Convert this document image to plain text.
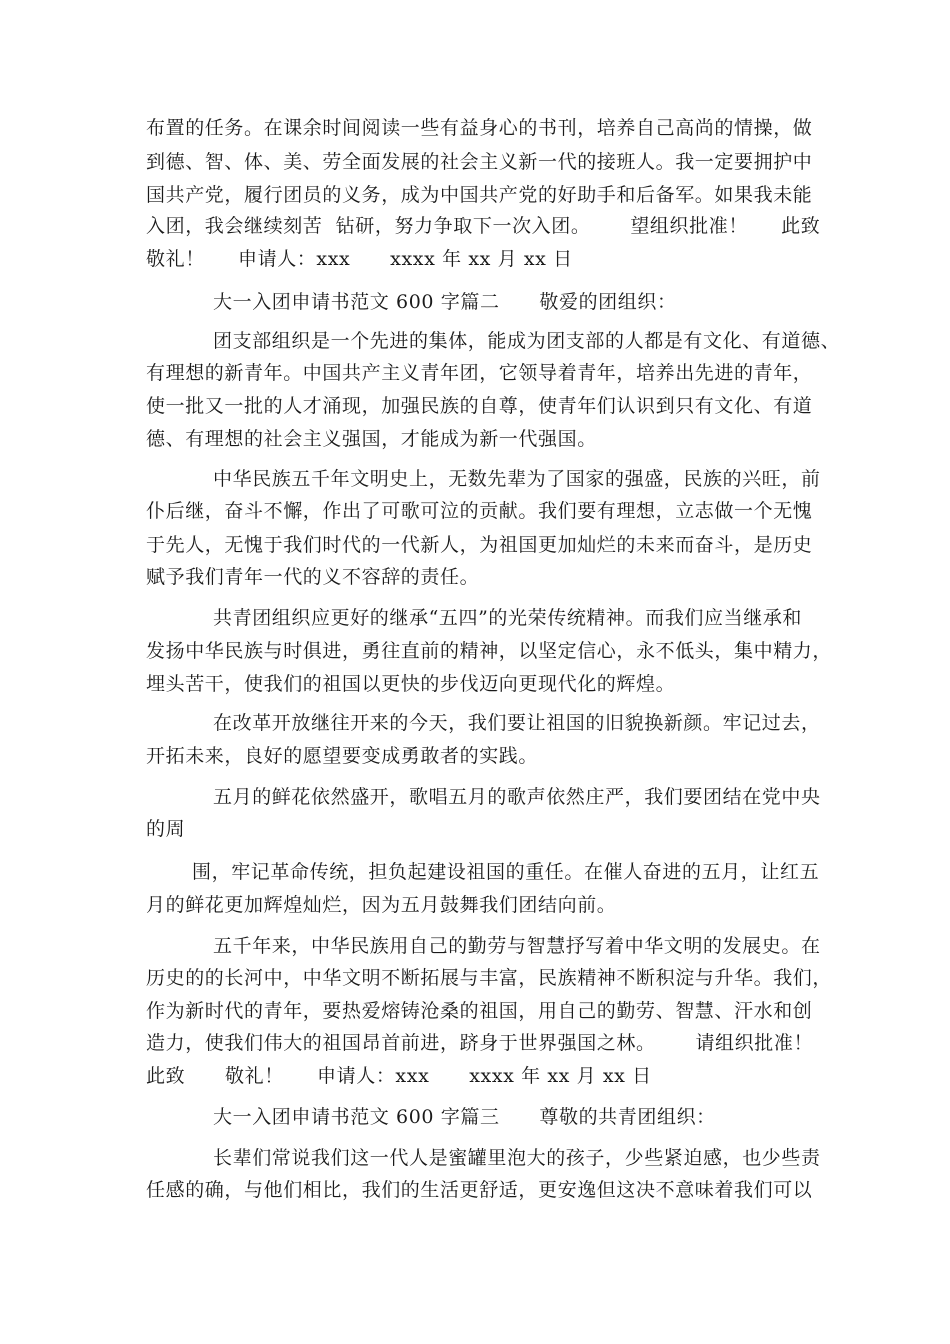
布置的任务。在课余时间阅读一些有益身心的书刊，培养自己高尚的情操，做
到德、智、体、美、劳全面发展的社会主义新一代的接班人。我一定要拥护中
国共产党，履行团员的义务，成为中国共产党的好助手和后备军。如果我未能
入团，我会继续刻苦  钻研，努力争取下一次入团。      望组织批准！     此致
敬礼！     申请人：xxx      xxxx 年 xx 月 xx 日
大一入团申请书范文 600 字篇二      敬爱的团组织：
团支部组织是一个先进的集体，能成为团支部的人都是有文化、有道德、
有理想的新青年。中国共产主义青年团，它领导着青年，培养出先进的青年，
使一批又一批的人才涌现，加强民族的自尊，使青年们认识到只有文化、有道
德、有理想的社会主义强国，才能成为新一代强国。
中华民族五千年文明史上，无数先辈为了国家的强盛，民族的兴旺，前
仆后继，奋斗不懈，作出了可歌可泣的贡献。我们要有理想，立志做一个无愧
于先人，无愧于我们时代的一代新人，为祖国更加灿烂的未来而奋斗，是历史
赋予我们青年一代的义不容辞的责任。
共青团组织应更好的继承“五四”的光荣传统精神。而我们应当继承和
发扬中华民族与时俱进，勇往直前的精神，以坚定信心，永不低头，集中精力，
埋头苦干，使我们的祖国以更快的步伐迈向更现代化的辉煌。
在改革开放继往开来的今天，我们要让祖国的旧貌换新颜。牢记过去，
开拓未来，良好的愿望要变成勇敢者的实践。
五月的鲜花依然盛开，歌唱五月的歌声依然庄严，我们要团结在党中央
的周
围，牢记革命传统，担负起建设祖国的重任。在催人奋进的五月，让红五
月的鲜花更加辉煌灿烂，因为五月鼓舞我们团结向前。
五千年来，中华民族用自己的勤劳与智慧抒写着中华文明的发展史。在
历史的的长河中，中华文明不断拓展与丰富，民族精神不断积淀与升华。我们，
作为新时代的青年，要热爱熔铸沧桑的祖国，用自己的勤劳、智慧、汗水和创
造力，使我们伟大的祖国昂首前进，跻身于世界强国之林。      请组织批准！
此致      敬礼！     申请人：xxx      xxxx 年 xx 月 xx 日
大一入团申请书范文 600 字篇三      尊敬的共青团组织：
长辈们常说我们这一代人是蜜罐里泡大的孩子，少些紧迫感，也少些责
任感的确，与他们相比，我们的生活更舒适，更安逸但这决不意味着我们可以
